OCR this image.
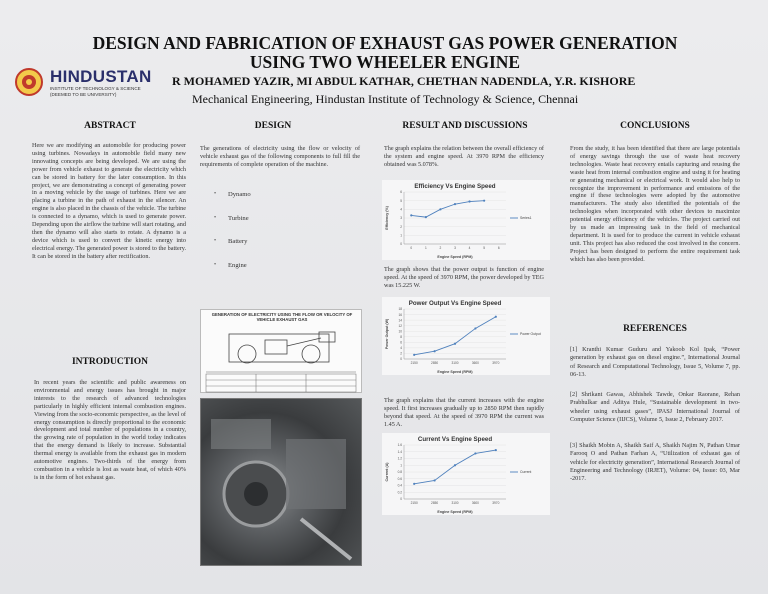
DESIGN AND FABRICATION OF EXHAUST GAS POWER GENERATION
USING TWO WHEELER ENGINE
HINDUSTAN
INSTITUTE OF TECHNOLOGY & SCIENCE (DEEMED TO BE UNIVERSITY)
R MOHAMED YAZIR, MI ABDUL KATHAR, CHETHAN NADENDLA, Y.R. KISHORE
Mechanical Engineering, Hindustan Institute of Technology & Science, Chennai
ABSTRACT
Here we are modifying an automobile for producing power using turbines. Nowadays in automobile field many new innovating concepts are being developed. We are using the power from vehicle exhaust to generate the electricity which can be stored in battery for the later consumption. In this project, we are demonstrating a concept of generating power in a moving vehicle by the usage of turbines. Here we are placing a turbine in the path of exhaust in the silencer. An engine is also placed in the chassis of the vehicle. The turbine is connected to a dynamo, which is used to generate power. Depending upon the airflow the turbine will start rotating, and then the dynamo will also starts to rotate. A dynamo is a device which is used to convert the kinetic energy into electrical energy. The generated power is stored to the battery. It can be stored in the battery after rectification.
INTRODUCTION
In recent years the scientific and public awareness on environmental and energy issues has brought in major interests to the research of advanced technologies particularly in highly efficient internal combustion engines. Viewing from the socio-economic perspective, as the level of energy consumption is directly proportional to the economic development and total number of populations in a country, the growing rate of population in the world today indicates that the energy demand is likely to increase. Substantial thermal energy is available from the exhaust gas in modern automotive engines. Two-thirds of the energy from combustion in a vehicle is lost as waste heat, of which 40% is in the form of hot exhaust gas.
DESIGN
The generations of electricity using the flow or velocity of vehicle exhaust gas of the following components to full fill the requirements of complete operation of the machine.
• Dynamo
• Turbine
• Battery
• Engine
GENERATION OF ELECTRICITY USING THE FLOW OR VELOCITY OF VEHICLE EXHAUST GAS
RESULT AND DISCUSSIONS
The graph explains the relation between the overall efficiency of the system and engine speed. At 3970 RPM the efficiency obtained was 5.078%.
Efficiency Vs Engine Speed
0
1
2
3
4
5
6
0	1	2	3	4	5	6
Engine Speed (RPM)
Efficiency (%)	Series1
The graph shows that the power output is function of engine speed. At the speed of 3970 RPM, the power developed by TEG was 15.225 W.
Power Output Vs Engine Speed
0
2
4
6
8
10
12
14
16
18
2150	2850	3100	3600	3970
Engine Speed (RPM)
Power Output (W)	Power Output
The graph explains that the current increases with the engine speed. It first increases gradually up to 2850 RPM then rapidly beyond that speed. At the speed of 3970 RPM the current was 1.45 A.
Current Vs Engine Speed
0
0.2
0.4
0.6
0.8
1
1.2
1.4
1.6
2150	2850	3100	3600	3970
Engine Speed (RPM)
Current (A)	Current
CONCLUSIONS
From the study, it has been identified that there are large potentials of energy savings through the use of waste heat recovery technologies. Waste heat recovery entails capturing and reusing the waste heat from internal combustion engine and using it for heating or generating mechanical or electrical work. It would also help to recognize the improvement in performance and emissions of the engine if these technologies were adopted by the automotive manufacturers. The study also identified the potentials of the technologies when incorporated with other devices to maximize potential energy efficiency of the vehicles. The project carried out by us made an impressing task in the field of mechanical department. It is used for to produce the current in vehicle exhaust unit. This project has also reduced the cost involved in the concern. Project has been designed to perform the entire requirement task which has also been provided.
REFERENCES
[1] Kranthi Kumar Guduru and Yakoob Kol Ipak, “Power generation by exhaust gas on diesel engine.”, International Journal of Research and Computational Technology, Issue 5, Volume 7, pp. 06-13.
[2] Shrikant Gawas, Abhishek Tawde, Onkar Raorane, Rehan Prabhulkar and Aditya Hule, “Sustainable development in two-wheeler using exhaust gases”, IPASJ International Journal of Computer Science (IIJCS), Volume 5, Issue 2, February 2017.
[3] Shaikh Mobin A, Shaikh Saif A, Shaikh Najim N, Pathan Umar Farooq O and Pathan Farhan A, “Utilization of exhaust gas of vehicle for electricity generation”, International Research Journal of Engineering and Technology (IRJET), Volume: 04, Issue: 03, Mar -2017.
